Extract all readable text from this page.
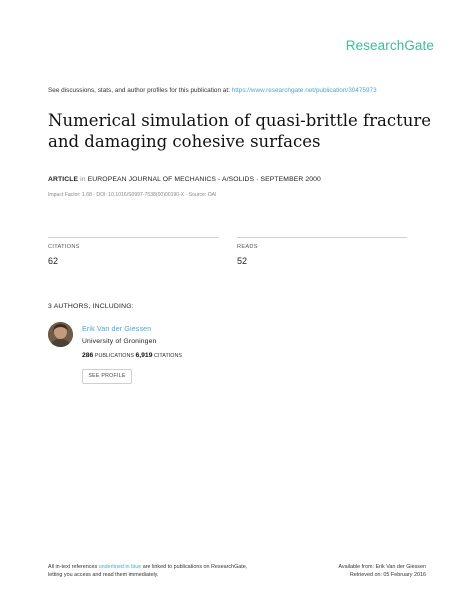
ResearchGate
See discussions, stats, and author profiles for this publication at: https://www.researchgate.net/publication/30475973
Numerical simulation of quasi-brittle fracture
and damaging cohesive surfaces
ARTICLE in EUROPEAN JOURNAL OF MECHANICS - A/SOLIDS · SEPTEMBER 2000
Impact Factor: 1.68 · DOI: 10.1016/S0997-7538(00)00190-X · Source: OAI
CITATIONS
62
READS
52
3 AUTHORS, INCLUDING:
Erik Van der Giessen
University of Groningen
286 PUBLICATIONS 6,919 CITATIONS
SEE PROFILE
All in-text references underlined in blue are linked to publications on ResearchGate,
letting you access and read them immediately.
Available from: Erik Van der Giessen
Retrieved on: 05 February 2016
